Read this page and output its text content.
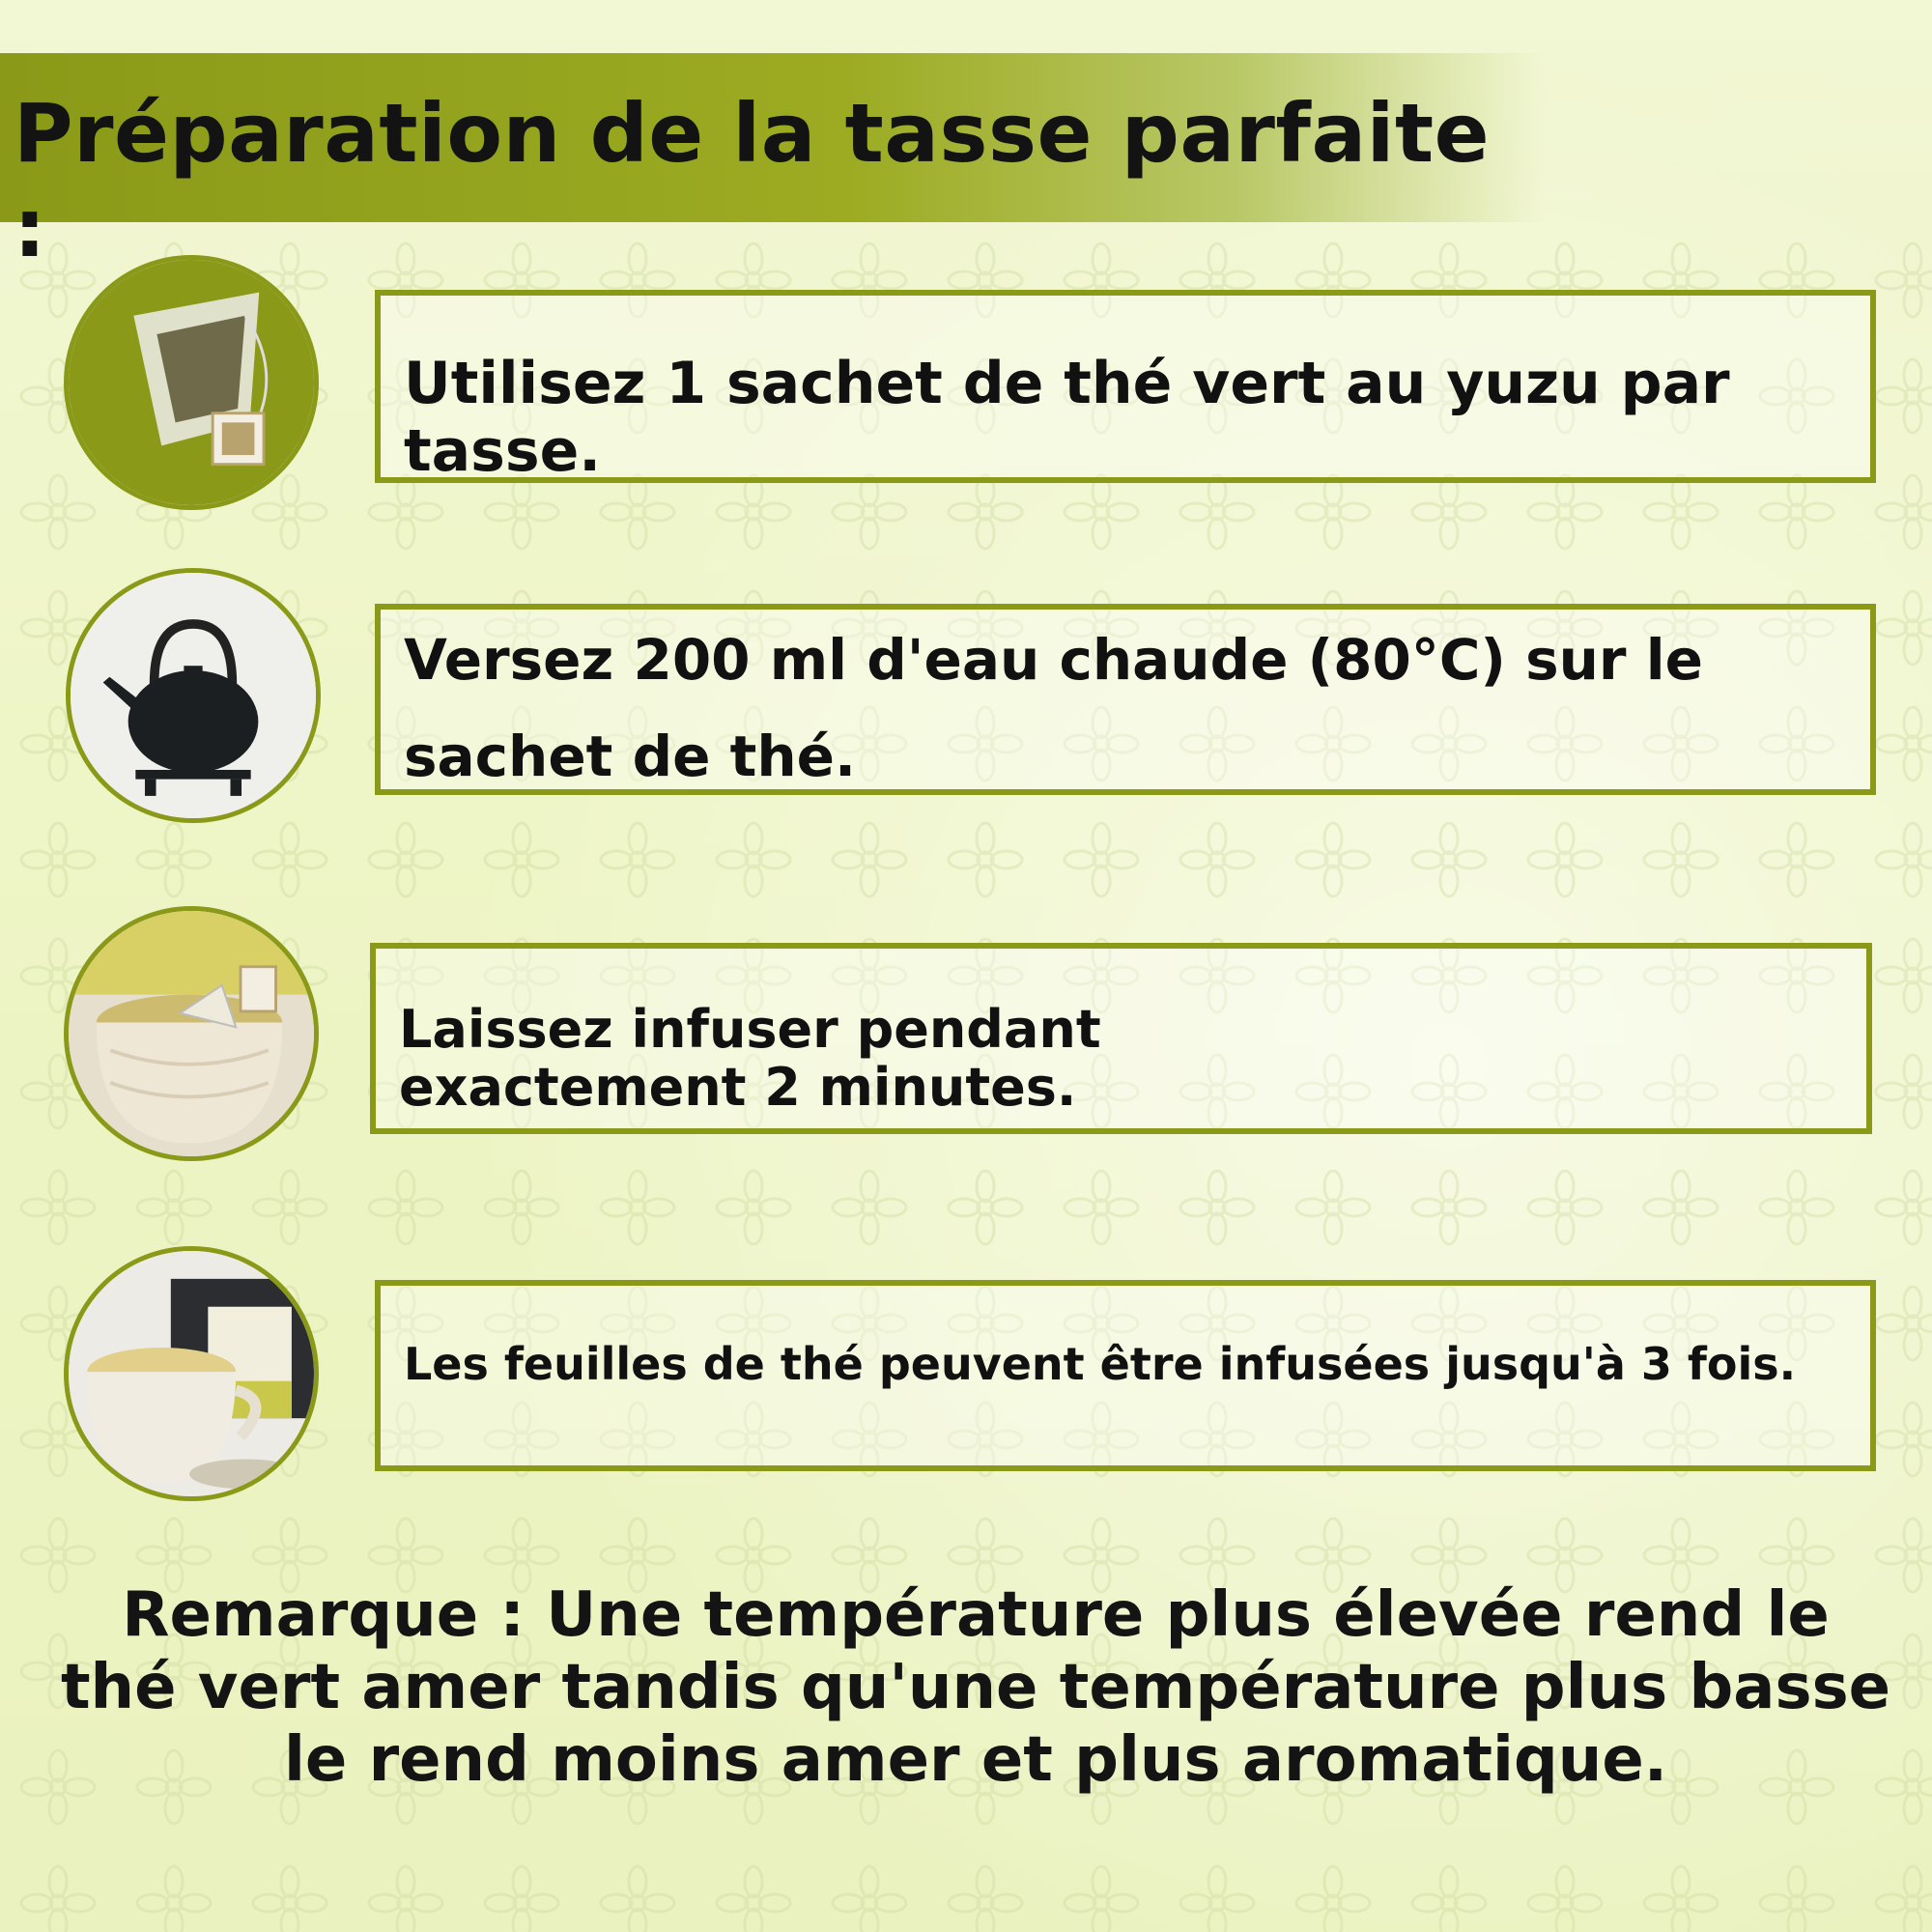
Préparation de la tasse parfaite :

Utilisez 1 sachet de thé vert au yuzu par tasse.

Versez 200 ml d'eau chaude (80°C) sur le sachet de thé.

Laissez infuser pendant exactement 2 minutes.

Les feuilles de thé peuvent être infusées jusqu'à 3 fois.

Remarque : Une température plus élevée rend le thé vert amer tandis qu'une température plus basse le rend moins amer et plus aromatique.
